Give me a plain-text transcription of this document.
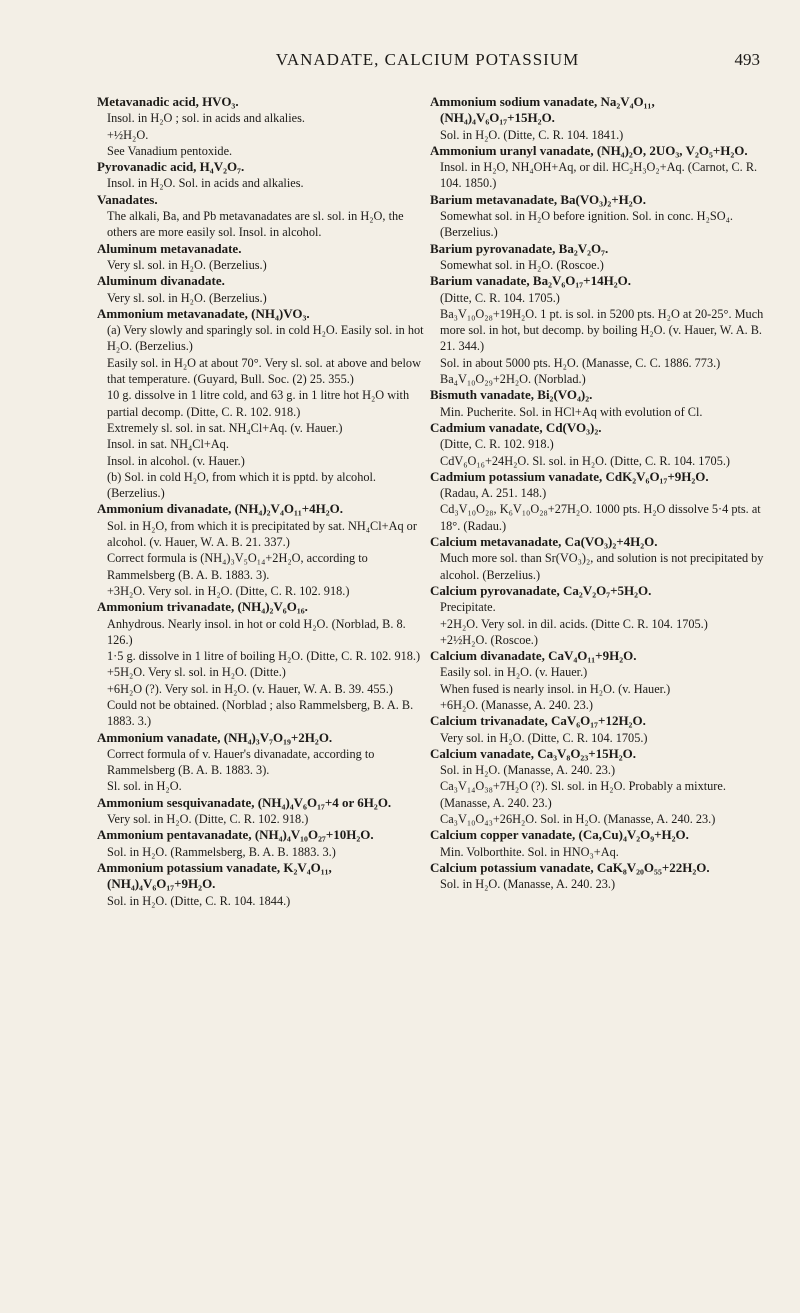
VANADATE, CALCIUM POTASSIUM	493

Metavanadic acid, HVO₃.

Insol. in H₂O ; sol. in acids and alkalies.

+½H₂O.

See Vanadium pentoxide.

Pyrovanadic acid, H₄V₂O₇.

Insol. in H₂O. Sol. in acids and alkalies.

Vanadates.

The alkali, Ba, and Pb metavanadates are sl. sol. in H₂O, the others are more easily sol. Insol. in alcohol.

Aluminum metavanadate.

Very sl. sol. in H₂O. (Berzelius.)

Aluminum divanadate.

Very sl. sol. in H₂O. (Berzelius.)

Ammonium metavanadate, (NH₄)VO₃.

(a) Very slowly and sparingly sol. in cold H₂O. Easily sol. in hot H₂O. (Berzelius.)

Easily sol. in H₂O at about 70°. Very sl. sol. at above and below that temperature. (Guyard, Bull. Soc. (2) 25. 355.)

10 g. dissolve in 1 litre cold, and 63 g. in 1 litre hot H₂O with partial decomp. (Ditte, C. R. 102. 918.)

Extremely sl. sol. in sat. NH₄Cl+Aq. (v. Hauer.)

Insol. in sat. NH₄Cl+Aq.

Insol. in alcohol. (v. Hauer.)

(b) Sol. in cold H₂O, from which it is pptd. by alcohol. (Berzelius.)

Ammonium divanadate, (NH₄)₂V₄O₁₁+4H₂O.

Sol. in H₂O, from which it is precipitated by sat. NH₄Cl+Aq or alcohol. (v. Hauer, W. A. B. 21. 337.)

Correct formula is (NH₄)₃V₅O₁₄+2H₂O, according to Rammelsberg (B. A. B. 1883. 3).

+3H₂O. Very sol. in H₂O. (Ditte, C. R. 102. 918.)

Ammonium trivanadate, (NH₄)₂V₆O₁₆.

Anhydrous. Nearly insol. in hot or cold H₂O. (Norblad, B. 8. 126.)

1·5 g. dissolve in 1 litre of boiling H₂O. (Ditte, C. R. 102. 918.)

+5H₂O. Very sl. sol. in H₂O. (Ditte.)

+6H₂O (?). Very sol. in H₂O. (v. Hauer, W. A. B. 39. 455.)

Could not be obtained. (Norblad ; also Rammelsberg, B. A. B. 1883. 3.)

Ammonium vanadate, (NH₄)₃V₇O₁₉+2H₂O.

Correct formula of v. Hauer's divanadate, according to Rammelsberg (B. A. B. 1883. 3).

Sl. sol. in H₂O.

Ammonium sesquivanadate, (NH₄)₄V₆O₁₇+4 or 6H₂O.

Very sol. in H₂O. (Ditte, C. R. 102. 918.)

Ammonium pentavanadate, (NH₄)₄V₁₀O₂₇+10H₂O.

Sol. in H₂O. (Rammelsberg, B. A. B. 1883. 3.)

Ammonium potassium vanadate, K₂V₄O₁₁, (NH₄)₄V₆O₁₇+9H₂O.

Sol. in H₂O. (Ditte, C. R. 104. 1844.)

Ammonium sodium vanadate, Na₂V₄O₁₁, (NH₄)₄V₆O₁₇+15H₂O.

Sol. in H₂O. (Ditte, C. R. 104. 1841.)

Ammonium uranyl vanadate, (NH₄)₂O, 2UO₃, V₂O₅+H₂O.

Insol. in H₂O, NH₄OH+Aq, or dil. HC₂H₃O₂+Aq. (Carnot, C. R. 104. 1850.)

Barium metavanadate, Ba(VO₃)₂+H₂O.

Somewhat sol. in H₂O before ignition. Sol. in conc. H₂SO₄. (Berzelius.)

Barium pyrovanadate, Ba₂V₂O₇.

Somewhat sol. in H₂O. (Roscoe.)

Barium vanadate, Ba₂V₆O₁₇+14H₂O.

(Ditte, C. R. 104. 1705.)

Ba₃V₁₀O₂₈+19H₂O. 1 pt. is sol. in 5200 pts. H₂O at 20-25°. Much more sol. in hot, but decomp. by boiling H₂O. (v. Hauer, W. A. B. 21. 344.)

Sol. in about 5000 pts. H₂O. (Manasse, C. C. 1886. 773.)

Ba₄V₁₀O₂₉+2H₂O. (Norblad.)

Bismuth vanadate, Bi₂(VO₄)₂.

Min. Pucherite. Sol. in HCl+Aq with evolution of Cl.

Cadmium vanadate, Cd(VO₃)₂.

(Ditte, C. R. 102. 918.)

CdV₆O₁₆+24H₂O. Sl. sol. in H₂O. (Ditte, C. R. 104. 1705.)

Cadmium potassium vanadate, CdK₂V₆O₁₇+9H₂O.

(Radau, A. 251. 148.)

Cd₃V₁₀O₂₈, K₆V₁₀O₂₈+27H₂O. 1000 pts. H₂O dissolve 5·4 pts. at 18°. (Radau.)

Calcium metavanadate, Ca(VO₃)₂+4H₂O.

Much more sol. than Sr(VO₃)₂, and solution is not precipitated by alcohol. (Berzelius.)

Calcium pyrovanadate, Ca₂V₂O₇+5H₂O.

Precipitate.

+2H₂O. Very sol. in dil. acids. (Ditte C. R. 104. 1705.)

+2½H₂O. (Roscoe.)

Calcium divanadate, CaV₄O₁₁+9H₂O.

Easily sol. in H₂O. (v. Hauer.)

When fused is nearly insol. in H₂O. (v. Hauer.)

+6H₂O. (Manasse, A. 240. 23.)

Calcium trivanadate, CaV₆O₁₇+12H₂O.

Very sol. in H₂O. (Ditte, C. R. 104. 1705.)

Calcium vanadate, Ca₃V₈O₂₃+15H₂O.

Sol. in H₂O. (Manasse, A. 240. 23.)

Ca₃V₁₄O₃₈+7H₂O (?). Sl. sol. in H₂O. Probably a mixture. (Manasse, A. 240. 23.)

Ca₃V₁₀O₄₃+26H₂O. Sol. in H₂O. (Manasse, A. 240. 23.)

Calcium copper vanadate, (Ca,Cu)₄V₂O₉+H₂O.

Min. Volborthite. Sol. in HNO₃+Aq.

Calcium potassium vanadate, CaK₈V₂₀O₅₅+22H₂O.

Sol. in H₂O. (Manasse, A. 240. 23.)
